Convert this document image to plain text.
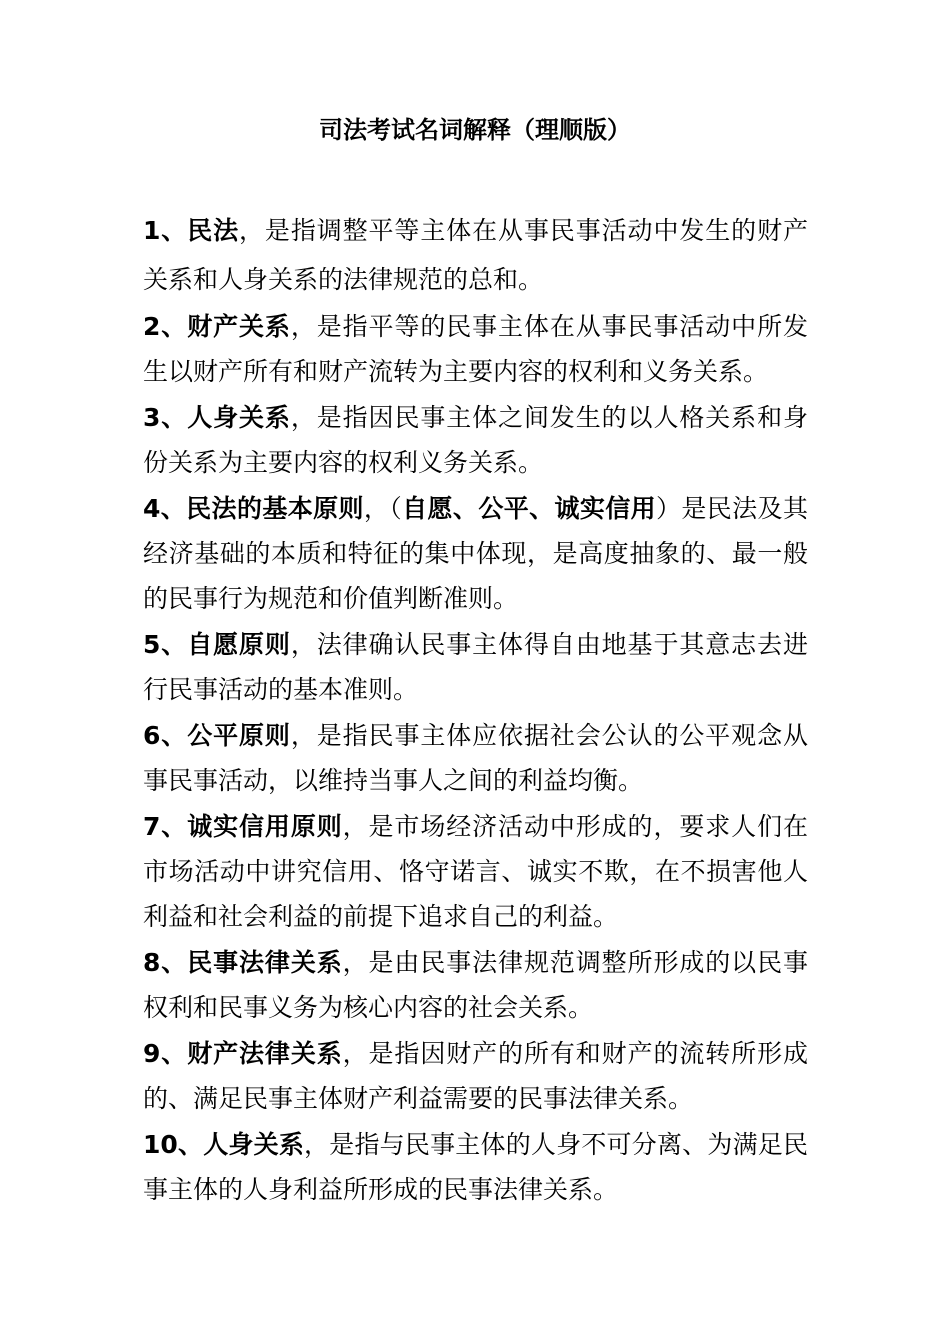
司法考试名词解释（理顺版）

1、民法，是指调整平等主体在从事民事活动中发生的财产关系和人身关系的法律规范的总和。

2、财产关系，是指平等的民事主体在从事民事活动中所发生以财产所有和财产流转为主要内容的权利和义务关系。

3、人身关系，是指因民事主体之间发生的以人格关系和身份关系为主要内容的权利义务关系。

4、民法的基本原则，（自愿、公平、诚实信用）是民法及其经济基础的本质和特征的集中体现，是高度抽象的、最一般的民事行为规范和价值判断准则。

5、自愿原则，法律确认民事主体得自由地基于其意志去进行民事活动的基本准则。

6、公平原则，是指民事主体应依据社会公认的公平观念从事民事活动，以维持当事人之间的利益均衡。

7、诚实信用原则，是市场经济活动中形成的，要求人们在市场活动中讲究信用、恪守诺言、诚实不欺，在不损害他人利益和社会利益的前提下追求自己的利益。

8、民事法律关系，是由民事法律规范调整所形成的以民事权利和民事义务为核心内容的社会关系。

9、财产法律关系，是指因财产的所有和财产的流转所形成的、满足民事主体财产利益需要的民事法律关系。

10、人身关系，是指与民事主体的人身不可分离、为满足民事主体的人身利益所形成的民事法律关系。
